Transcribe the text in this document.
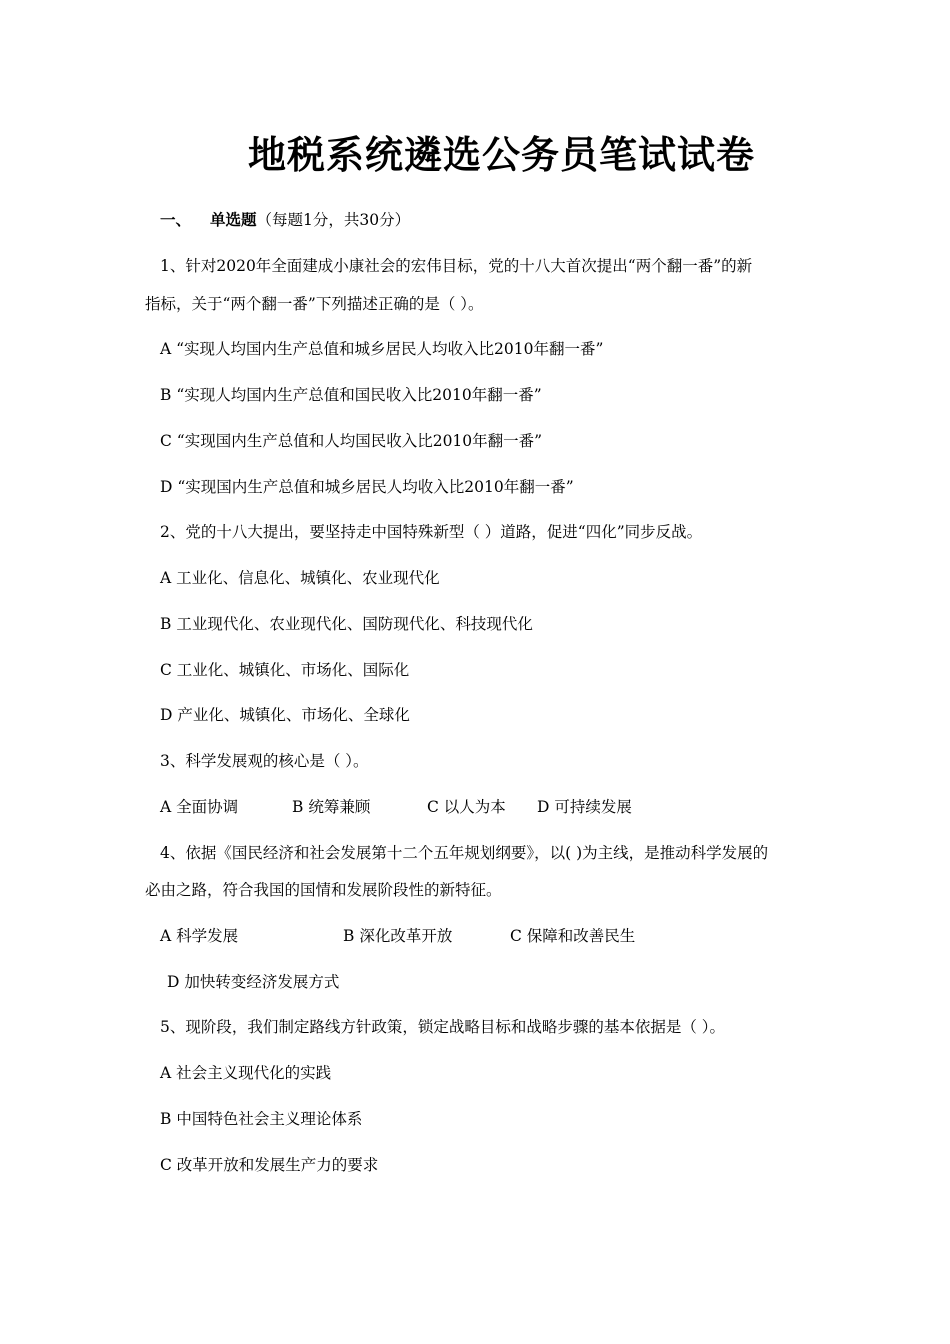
地税系统遴选公务员笔试试卷
一、 单选题（每题1分，共30分）
1、针对2020年全面建成小康社会的宏伟目标，党的十八大首次提出“两个翻一番”的新
指标，关于“两个翻一番”下列描述正确的是（ ）。
A “实现人均国内生产总值和城乡居民人均收入比2010年翻一番”
B “实现人均国内生产总值和国民收入比2010年翻一番”
C “实现国内生产总值和人均国民收入比2010年翻一番”
D “实现国内生产总值和城乡居民人均收入比2010年翻一番”
2、党的十八大提出，要坚持走中国特殊新型（ ）道路，促进“四化”同步反战。
A 工业化、信息化、城镇化、农业现代化
B 工业现代化、农业现代化、国防现代化、科技现代化
C 工业化、城镇化、市场化、国际化
D 产业化、城镇化、市场化、全球化
3、科学发展观的核心是（ ）。
A 全面协调	B 统筹兼顾	C 以人为本 D 可持续发展
4、依据《国民经济和社会发展第十二个五年规划纲要》，以( )为主线，是推动科学发展的
必由之路，符合我国的国情和发展阶段性的新特征。
A 科学发展	B 深化改革开放	C 保障和改善民生
D 加快转变经济发展方式
5、现阶段，我们制定路线方针政策，锁定战略目标和战略步骤的基本依据是（ ）。
A 社会主义现代化的实践
B 中国特色社会主义理论体系
C 改革开放和发展生产力的要求
